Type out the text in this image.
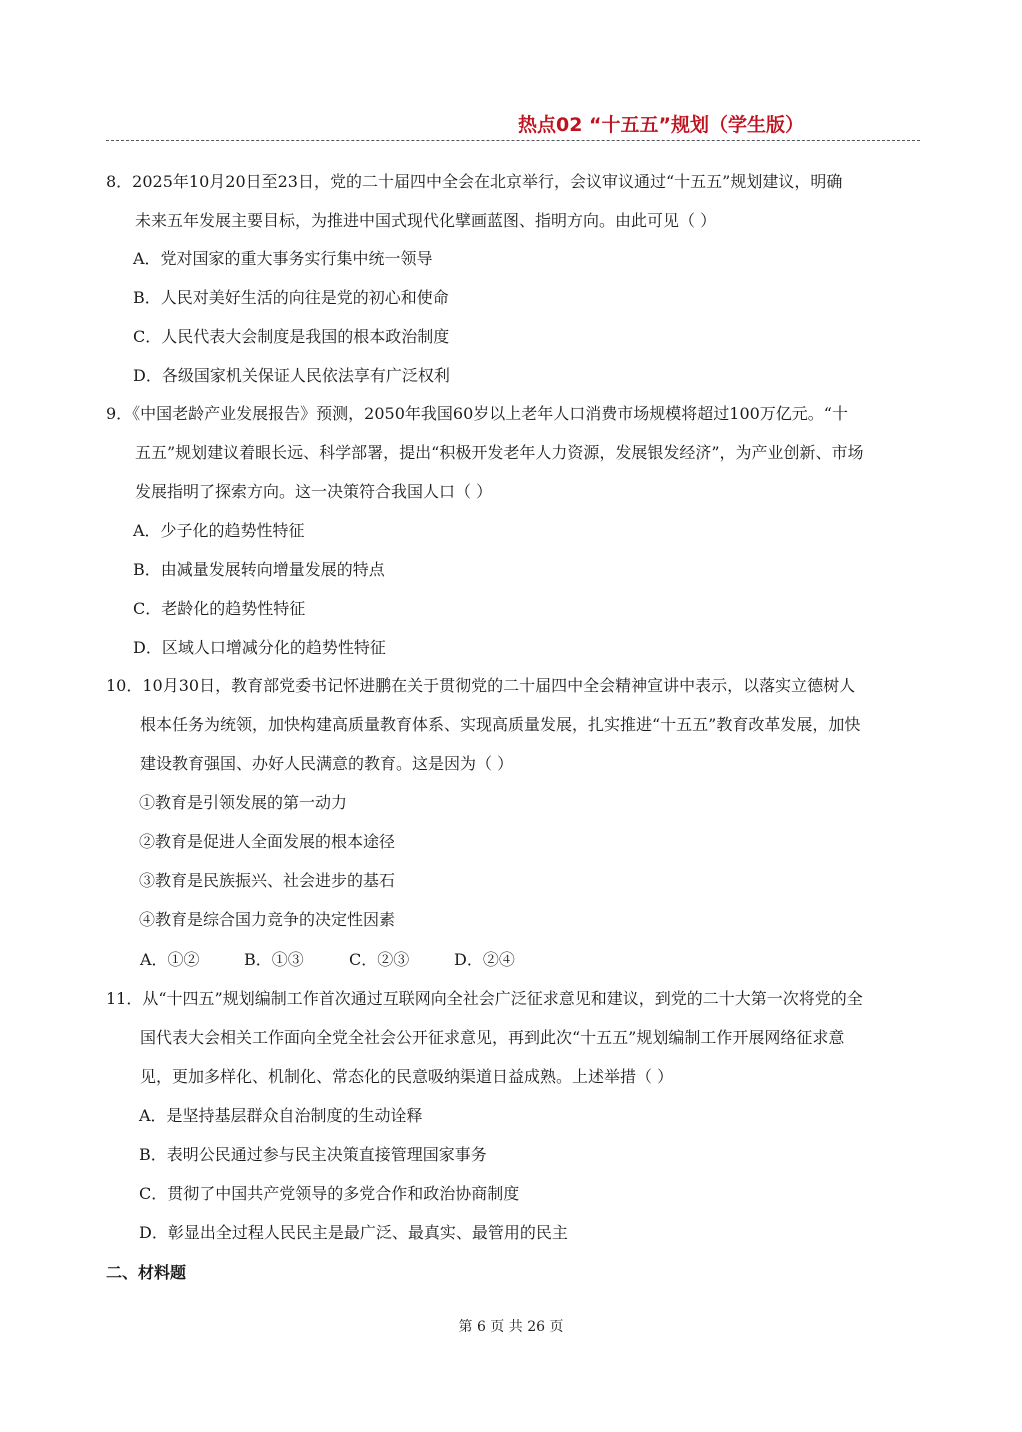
热点02 “十五五”规划（学生版）
8．2025年10月20日至23日，党的二十届四中全会在北京举行，会议审议通过“十五五”规划建议，明确
未来五年发展主要目标，为推进中国式现代化擘画蓝图、指明方向。由此可见（ ）
A．党对国家的重大事务实行集中统一领导
B．人民对美好生活的向往是党的初心和使命
C．人民代表大会制度是我国的根本政治制度
D．各级国家机关保证人民依法享有广泛权利
9．《中国老龄产业发展报告》预测，2050年我国60岁以上老年人口消费市场规模将超过100万亿元。“十
五五”规划建议着眼长远、科学部署，提出“积极开发老年人力资源，发展银发经济”，为产业创新、市场
发展指明了探索方向。这一决策符合我国人口（ ）
A．少子化的趋势性特征
B．由减量发展转向增量发展的特点
C．老龄化的趋势性特征
D．区域人口增减分化的趋势性特征
10．10月30日，教育部党委书记怀进鹏在关于贯彻党的二十届四中全会精神宣讲中表示，以落实立德树人
根本任务为统领，加快构建高质量教育体系、实现高质量发展，扎实推进“十五五”教育改革发展，加快
建设教育强国、办好人民满意的教育。这是因为（ ）
①教育是引领发展的第一动力
②教育是促进人全面发展的根本途径
③教育是民族振兴、社会进步的基石
④教育是综合国力竞争的决定性因素
A．①②	B．①③	C．②③	D．②④
11．从“十四五”规划编制工作首次通过互联网向全社会广泛征求意见和建议，到党的二十大第一次将党的全
国代表大会相关工作面向全党全社会公开征求意见，再到此次“十五五”规划编制工作开展网络征求意
见，更加多样化、机制化、常态化的民意吸纳渠道日益成熟。上述举措（ ）
A．是坚持基层群众自治制度的生动诠释
B．表明公民通过参与民主决策直接管理国家事务
C．贯彻了中国共产党领导的多党合作和政治协商制度
D．彰显出全过程人民民主是最广泛、最真实、最管用的民主
二、材料题
第 6 页 共 26 页
